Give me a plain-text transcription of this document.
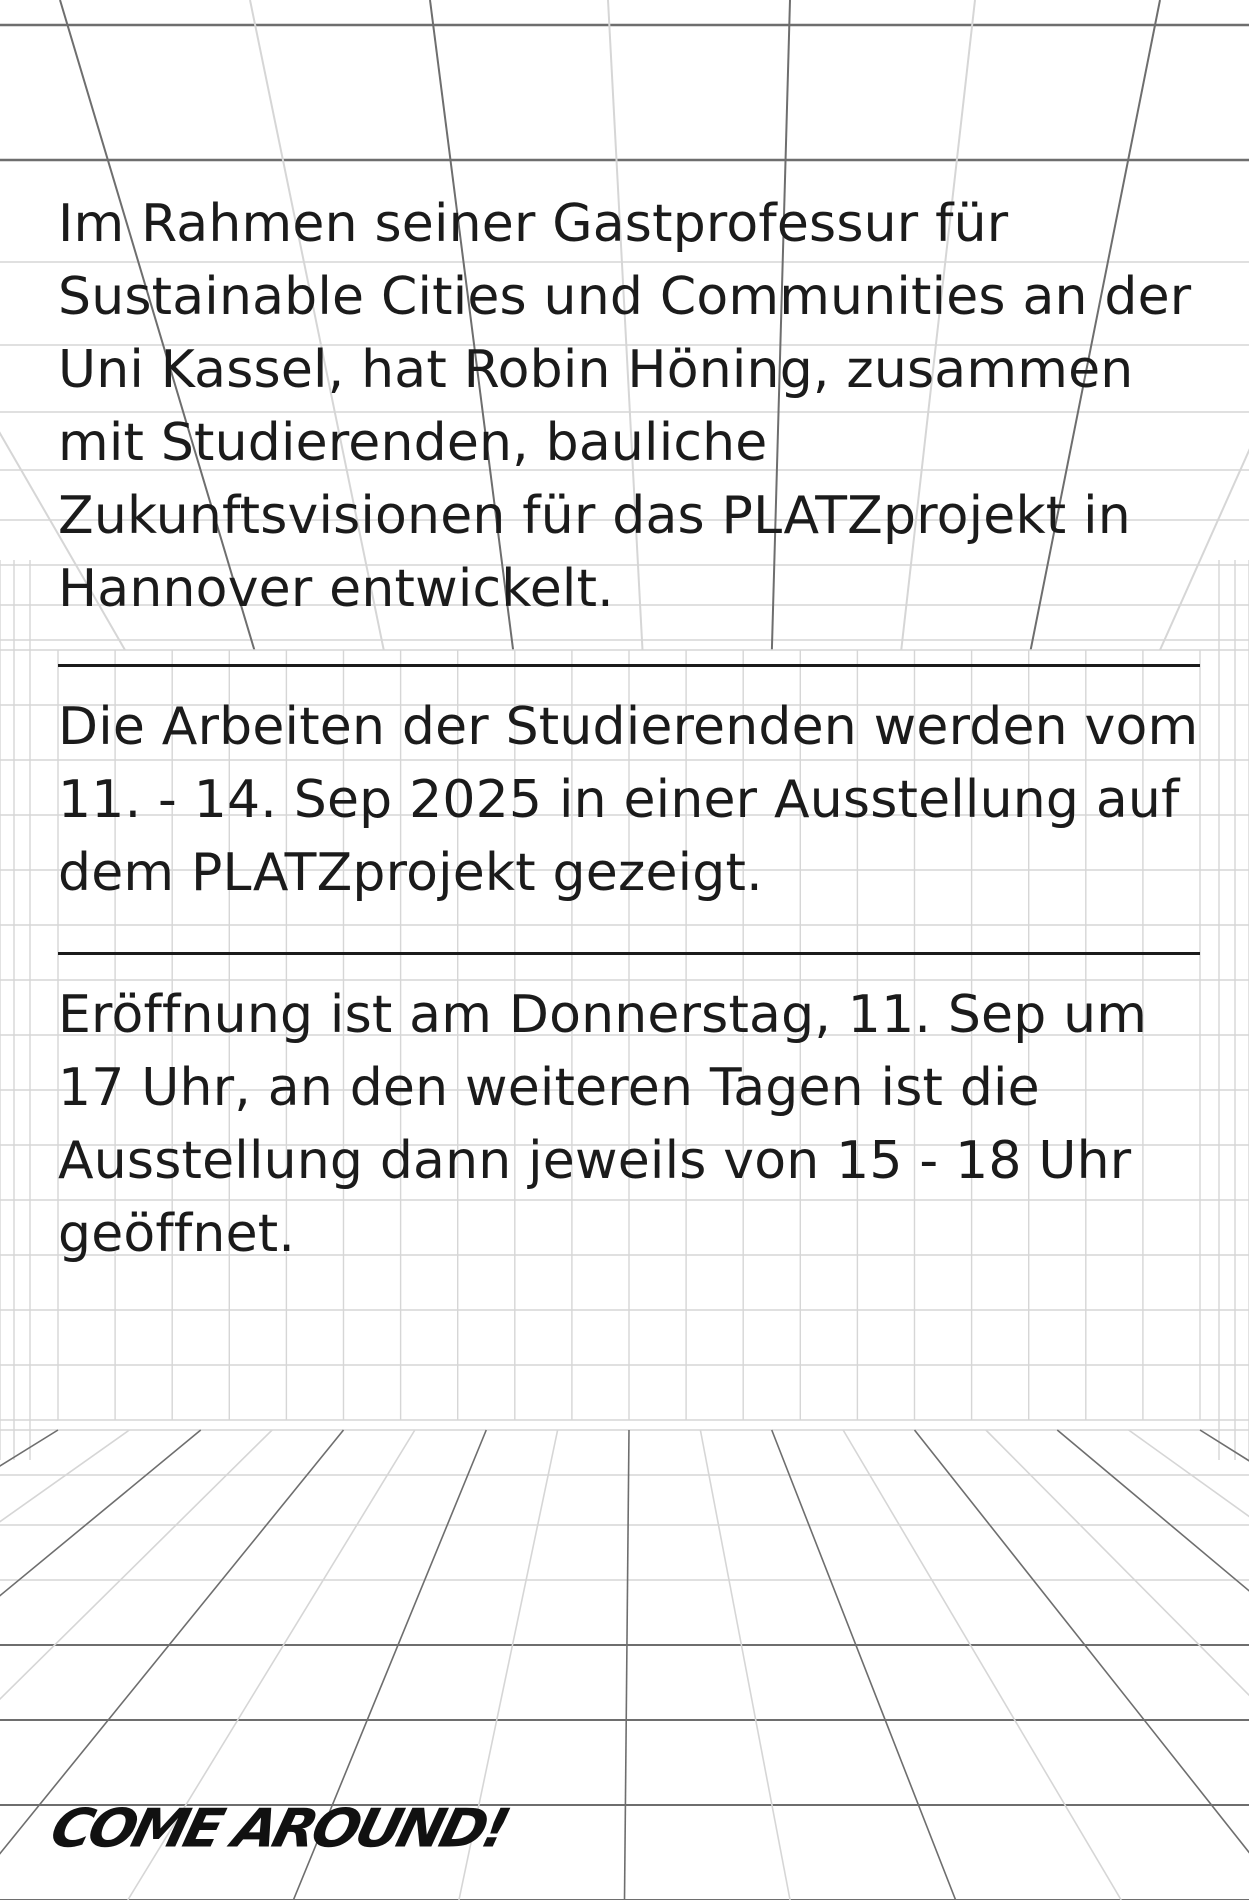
Im Rahmen seiner Gastprofessur für Sustainable Cities und Communities an der Uni Kassel, hat Robin Höning, zusammen mit Studierenden, bauliche Zukunftsvisionen für das PLATZprojekt in Hannover entwickelt.

Die Arbeiten der Studierenden werden vom 11. - 14. Sep 2025 in einer Ausstellung auf dem PLATZprojekt gezeigt.

Eröffnung ist am Donnerstag, 11. Sep um 17 Uhr, an den weiteren Tagen ist die Ausstellung dann jeweils von 15 - 18 Uhr geöffnet.

COME AROUND!
